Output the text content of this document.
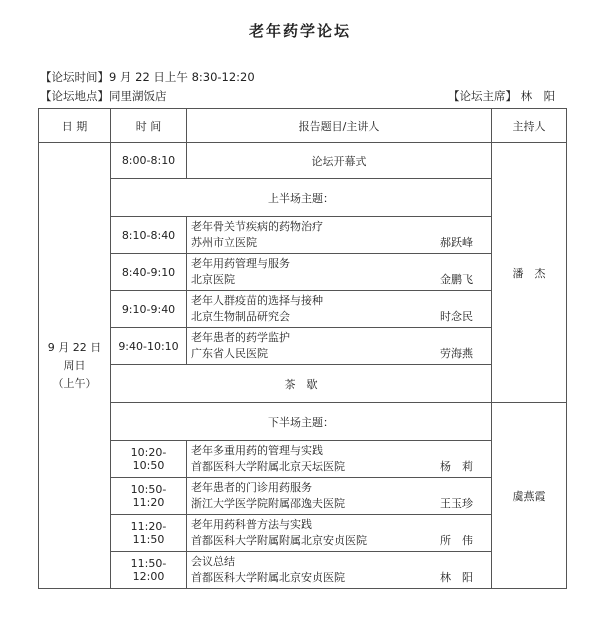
老年药学论坛
【论坛时间】9 月 22 日上午 8:30-12:20
【论坛地点】同里湖饭店	【论坛主席】 林　阳
日 期	时 间	报告题目/主讲人	主持人

9 月 22 日
周日
（上午）	8:00-8:10	论坛开幕式	潘　杰
	上半场主题：		
	8:10-8:40	老年骨关节疾病的药物治疗
苏州市立医院 郝跃峰	

	8:40-9:10	老年用药管理与服务
北京医院 金鹏飞	

	9:10-9:40	老年人群疫苗的选择与接种
北京生物制品研究会 时念民	

	9:40-10:10	老年患者的药学监护
广东省人民医院 劳海燕	

	茶　歇		
	下半场主题：		虞燕霞
	10:20-10:50	老年多重用药的管理与实践
首都医科大学附属北京天坛医院 杨　莉	

	10:50-11:20	老年患者的门诊用药服务
浙江大学医学院附属邵逸夫医院 王玉珍	

	11:20-11:50	老年用药科普方法与实践
首都医科大学附属附属北京安贞医院 所　伟	

	11:50-12:00	会议总结
首都医科大学附属北京安贞医院 林　阳	
